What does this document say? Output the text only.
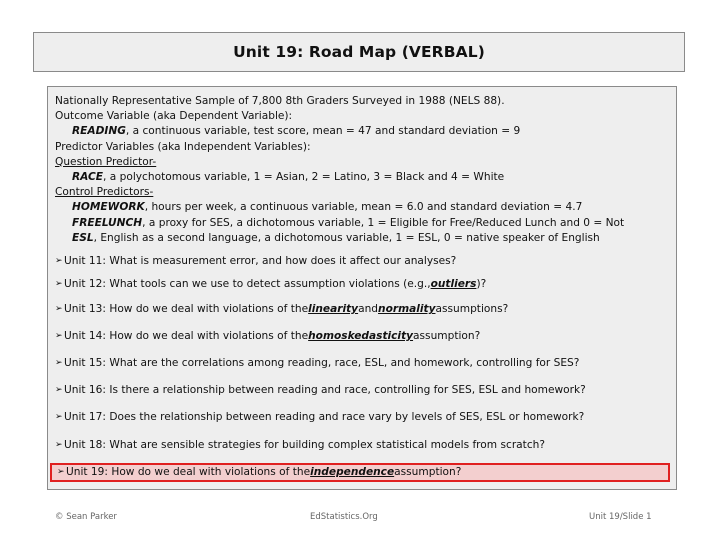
Unit 19: Road Map (VERBAL)
Nationally Representative Sample of 7,800 8th Graders Surveyed in 1988 (NELS 88).
Outcome Variable (aka Dependent Variable):
READING, a continuous variable, test score, mean = 47 and standard deviation = 9
Predictor Variables (aka Independent Variables):
Question Predictor-
RACE, a polychotomous variable, 1 = Asian, 2 = Latino, 3 = Black and 4 = White
Control Predictors-
HOMEWORK, hours per week, a continuous variable, mean = 6.0 and standard deviation = 4.7
FREELUNCH, a proxy for SES, a dichotomous variable, 1 = Eligible for Free/Reduced Lunch and 0 = Not
ESL, English as a second language, a dichotomous variable, 1 = ESL, 0 = native speaker of English
➢ Unit 11: What is measurement error, and how does it affect our analyses?
➢ Unit 12: What tools can we use to detect assumption violations (e.g., outliers )?
➢ Unit 13: How do we deal with violations of the linearity and normality assumptions?
➢ Unit 14: How do we deal with violations of the homoskedasticity assumption?
➢ Unit 15: What are the correlations among reading, race, ESL, and homework, controlling for SES?
➢ Unit 16: Is there a relationship between reading and race, controlling for SES, ESL and homework?
➢ Unit 17: Does the relationship between reading and race vary by levels of SES, ESL or homework?
➢ Unit 18: What are sensible strategies for building complex statistical models from scratch?
➢ Unit 19: How do we deal with violations of the independence assumption?
© Sean Parker	EdStatistics.Org	Unit 19/Slide 1
